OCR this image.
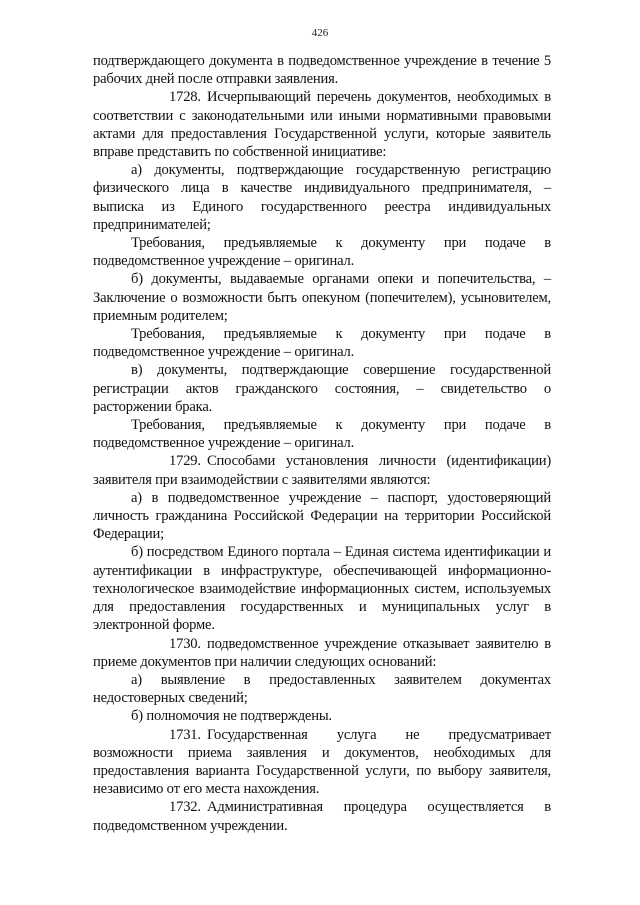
426

подтверждающего документа в подведомственное учреждение в течение 5 рабочих дней после отправки заявления.

1728. Исчерпывающий перечень документов, необходимых в соответствии с законодательными или иными нормативными правовыми актами для предоставления Государственной услуги, которые заявитель вправе представить по собственной инициативе:

а) документы, подтверждающие государственную регистрацию физического лица в качестве индивидуального предпринимателя, – выписка из Единого государственного реестра индивидуальных предпринимателей;

Требования, предъявляемые к документу при подаче в подведомственное учреждение – оригинал.

б) документы, выдаваемые органами опеки и попечительства, – Заключение о возможности быть опекуном (попечителем), усыновителем, приемным родителем;

Требования, предъявляемые к документу при подаче в подведомственное учреждение – оригинал.

в) документы, подтверждающие совершение государственной регистрации актов гражданского состояния, – свидетельство о расторжении брака.

Требования, предъявляемые к документу при подаче в подведомственное учреждение – оригинал.

1729. Способами установления личности (идентификации) заявителя при взаимодействии с заявителями являются:

а) в подведомственное учреждение – паспорт, удостоверяющий личность гражданина Российской Федерации на территории Российской Федерации;

б) посредством Единого портала – Единая система идентификации и аутентификации в инфраструктуре, обеспечивающей информационно-технологическое взаимодействие информационных систем, используемых для предоставления государственных и муниципальных услуг в электронной форме.

1730. подведомственное учреждение отказывает заявителю в приеме документов при наличии следующих оснований:

а) выявление в предоставленных заявителем документах недостоверных сведений;

б) полномочия не подтверждены.

1731. Государственная услуга не предусматривает возможности приема заявления и документов, необходимых для предоставления варианта Государственной услуги, по выбору заявителя, независимо от его места нахождения.

1732. Административная процедура осуществляется в подведомственном учреждении.
